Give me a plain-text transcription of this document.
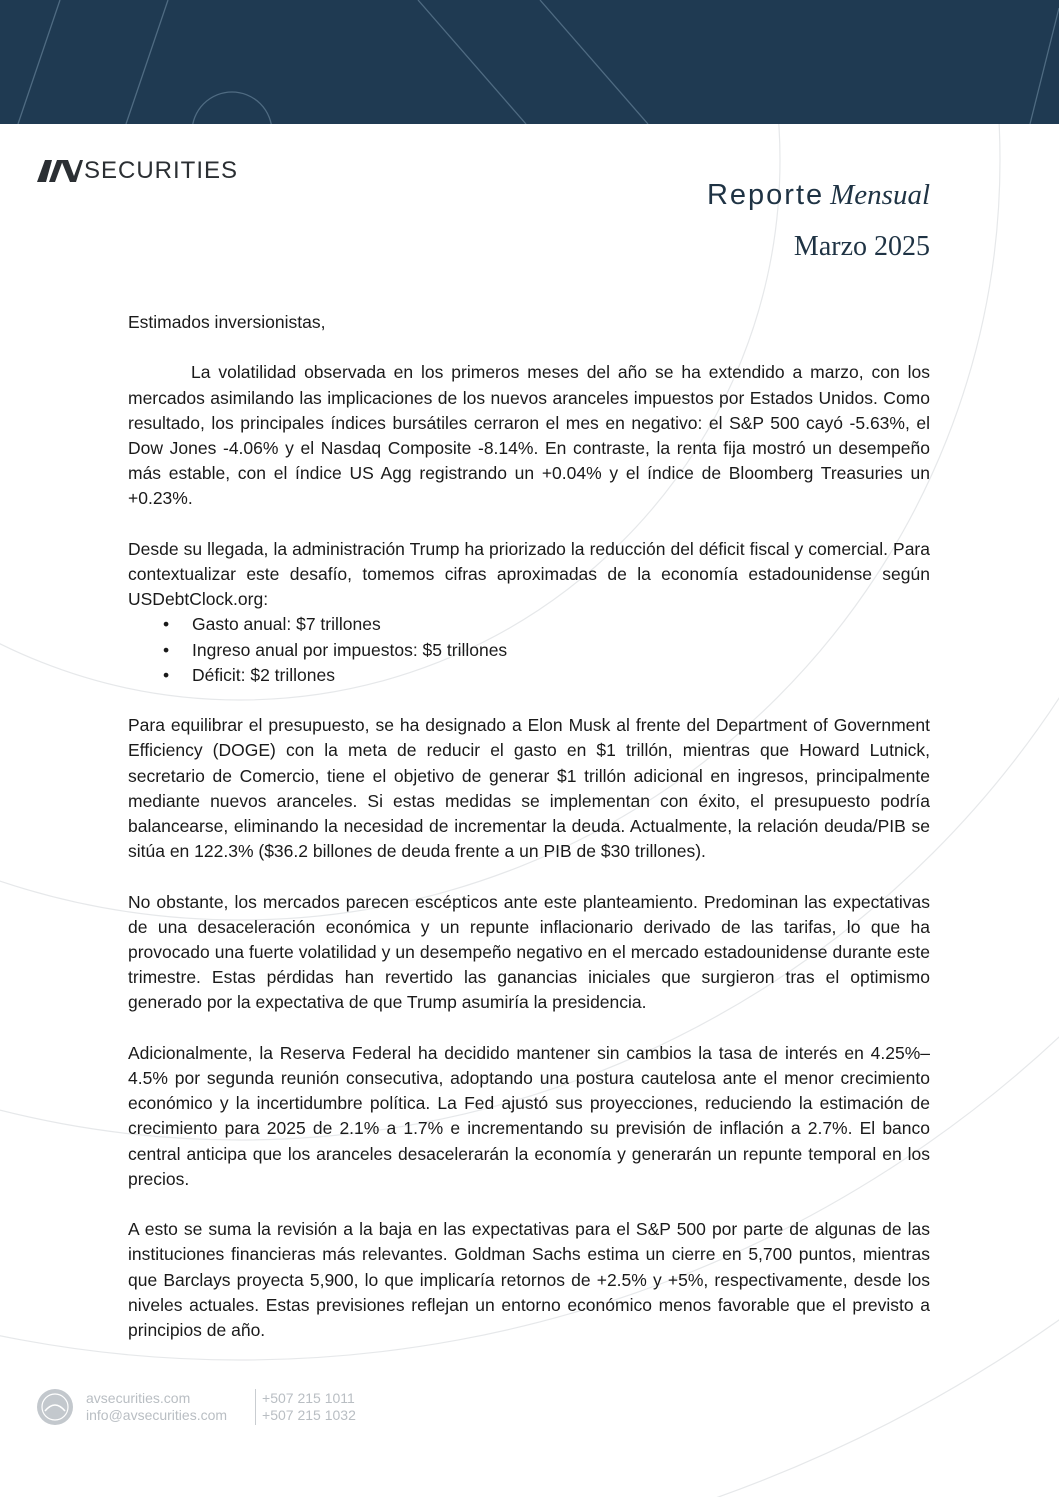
SECURITIES
Reporte Mensual
Marzo 2025

Estimados inversionistas,

La volatilidad observada en los primeros meses del año se ha extendido a marzo, con los mercados asimilando las implicaciones de los nuevos aranceles impuestos por Estados Unidos. Como resultado, los principales índices bursátiles cerraron el mes en negativo: el S&P 500 cayó -5.63%, el Dow Jones -4.06% y el Nasdaq Composite -8.14%. En contraste, la renta fija mostró un desempeño más estable, con el índice US Agg registrando un +0.04% y el índice de Bloomberg Treasuries un +0.23%.

Desde su llegada, la administración Trump ha priorizado la reducción del déficit fiscal y comercial. Para contextualizar este desafío, tomemos cifras aproximadas de la economía estadounidense según USDebtClock.org:

• Gasto anual: $7 trillones
• Ingreso anual por impuestos: $5 trillones
• Déficit: $2 trillones

Para equilibrar el presupuesto, se ha designado a Elon Musk al frente del Department of Government Efficiency (DOGE) con la meta de reducir el gasto en $1 trillón, mientras que Howard Lutnick, secretario de Comercio, tiene el objetivo de generar $1 trillón adicional en ingresos, principalmente mediante nuevos aranceles. Si estas medidas se implementan con éxito, el presupuesto podría balancearse, eliminando la necesidad de incrementar la deuda. Actualmente, la relación deuda/PIB se sitúa en 122.3% ($36.2 billones de deuda frente a un PIB de $30 trillones).

No obstante, los mercados parecen escépticos ante este planteamiento. Predominan las expectativas de una desaceleración económica y un repunte inflacionario derivado de las tarifas, lo que ha provocado una fuerte volatilidad y un desempeño negativo en el mercado estadounidense durante este trimestre. Estas pérdidas han revertido las ganancias iniciales que surgieron tras el optimismo generado por la expectativa de que Trump asumiría la presidencia.

Adicionalmente, la Reserva Federal ha decidido mantener sin cambios la tasa de interés en 4.25%–4.5% por segunda reunión consecutiva, adoptando una postura cautelosa ante el menor crecimiento económico y la incertidumbre política. La Fed ajustó sus proyecciones, reduciendo la estimación de crecimiento para 2025 de 2.1% a 1.7% e incrementando su previsión de inflación a 2.7%. El banco central anticipa que los aranceles desacelerarán la economía y generarán un repunte temporal en los precios.

A esto se suma la revisión a la baja en las expectativas para el S&P 500 por parte de algunas de las instituciones financieras más relevantes. Goldman Sachs estima un cierre en 5,700 puntos, mientras que Barclays proyecta 5,900, lo que implicaría retornos de +2.5% y +5%, respectivamente, desde los niveles actuales. Estas previsiones reflejan un entorno económico menos favorable que el previsto a principios de año.

avsecurities.com
info@avsecurities.com
+507 215 1011
+507 215 1032
